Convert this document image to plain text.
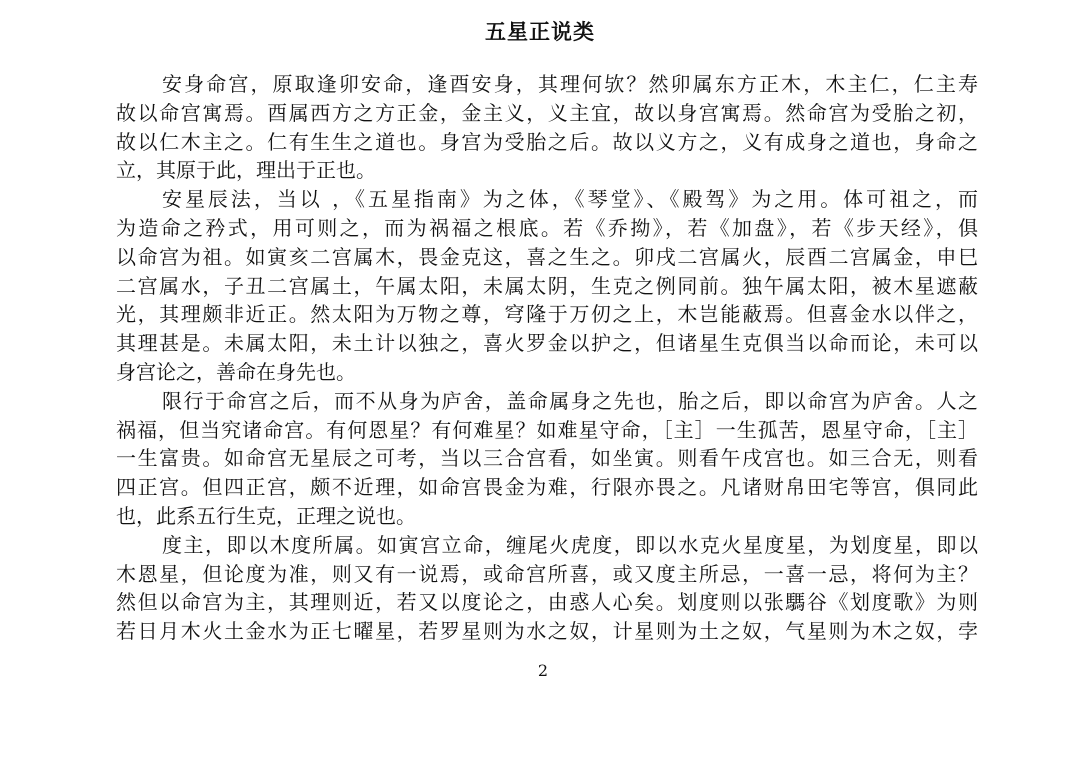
五星正说类
安身命宫，原取逢卯安命，逢酉安身，其理何欤？然卯属东方正木，木主仁，仁主寿
故以命宫寓焉。酉属西方之方正金，金主义，义主宜，故以身宫寓焉。然命宫为受胎之初，
故以仁木主之。仁有生生之道也。身宫为受胎之后。故以义方之，义有成身之道也，身命之
立，其原于此，理出于正也。
安星辰法，当以 ，《五星指南》为之体，《琴堂》、《殿驾》为之用。体可祖之，而
为造命之矜式，用可则之，而为祸福之根底。若《乔拗》，若《加盘》，若《步天经》，俱
以命宫为祖。如寅亥二宫属木，畏金克这，喜之生之。卯戌二宫属火，辰酉二宫属金，申巳
二宫属水，子丑二宫属土，午属太阳，未属太阴，生克之例同前。独午属太阳，被木星遮蔽
光，其理颇非近正。然太阳为万物之尊，穹隆于万仞之上，木岂能蔽焉。但喜金水以伴之，
其理甚是。未属太阳，未土计以独之，喜火罗金以护之，但诸星生克俱当以命而论，未可以
身宫论之，善命在身先也。
限行于命宫之后，而不从身为庐舍，盖命属身之先也，胎之后，即以命宫为庐舍。人之
祸福，但当究诸命宫。有何恩星？有何难星？如难星守命，［主］一生孤苦，恩星守命，［主］
一生富贵。如命宫无星辰之可考，当以三合宫看，如坐寅。则看午戌宫也。如三合无，则看
四正宫。但四正宫，颇不近理，如命宫畏金为难，行限亦畏之。凡诸财帛田宅等宫，俱同此
也，此系五行生克，正理之说也。
度主，即以木度所属。如寅宫立命，缠尾火虎度，即以水克火星度星，为划度星，即以
木恩星，但论度为准，则又有一说焉，或命宫所喜，或又度主所忌，一喜一忌，将何为主？
然但以命宫为主，其理则近，若又以度论之，由惑人心矣。划度则以张騳谷《划度歌》为则
若日月木火土金水为正七曜星，若罗星则为水之奴，计星则为土之奴，气星则为木之奴，孛
2
